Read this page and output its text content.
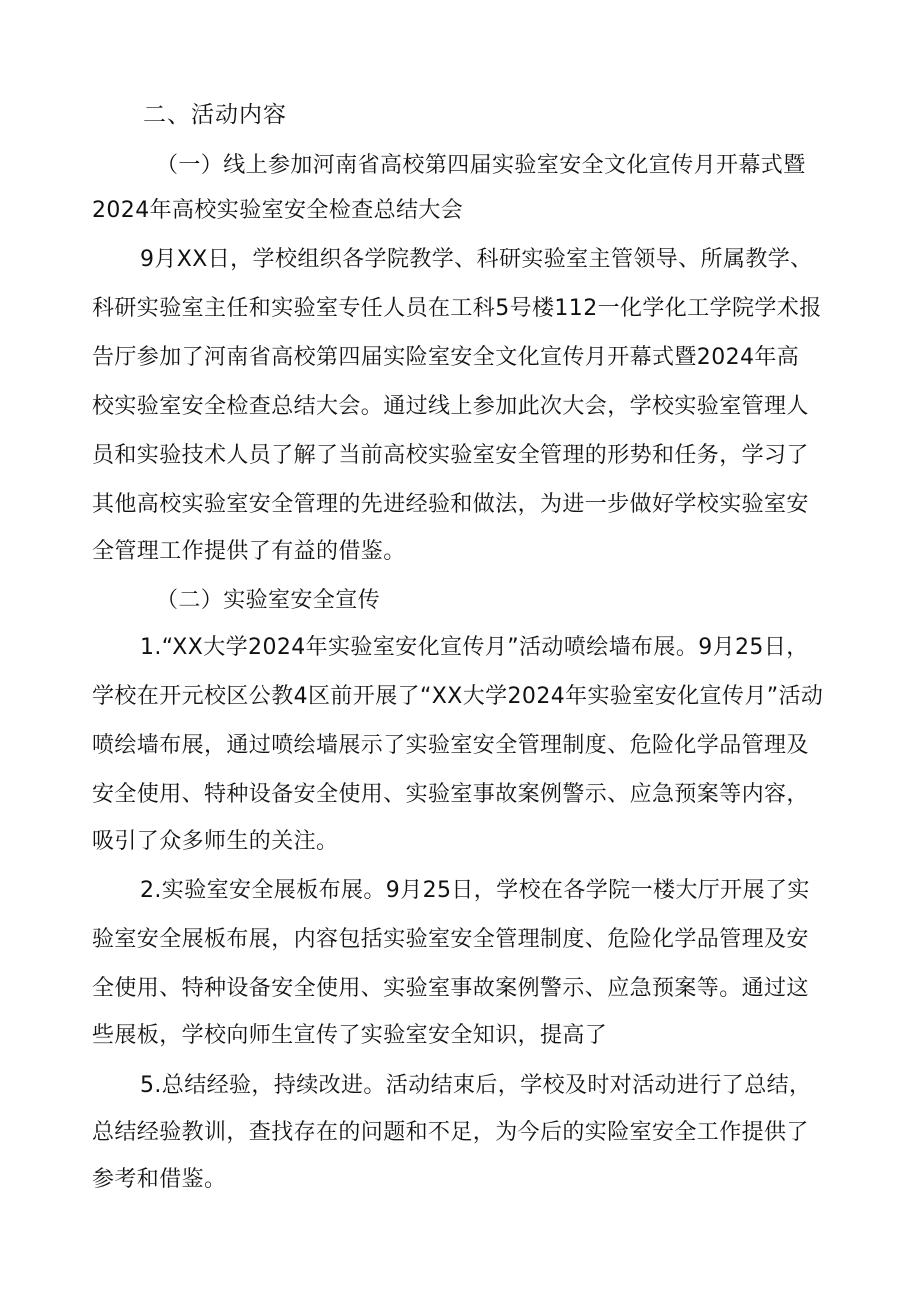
二、活动内容
（一）线上参加河南省高校第四届实验室安全文化宣传月开幕式暨
2024年高校实验室安全检查总结大会
9月XX日，学校组织各学院教学、科研实验室主管领导、所属教学、
科研实验室主任和实验室专任人员在工科5号楼112一化学化工学院学术报
告厅参加了河南省高校第四届实险室安全文化宣传月开幕式暨2024年高
校实验室安全检查总结大会。通过线上参加此次大会，学校实验室管理人
员和实验技术人员了解了当前高校实验室安全管理的形势和任务，学习了
其他高校实验室安全管理的先进经验和做法，为进一步做好学校实验室安
全管理工作提供了有益的借鉴。
（二）实验室安全宣传
1.“XX大学2024年实验室安化宣传月”活动喷绘墙布展。9月25日，
学校在开元校区公教4区前开展了“XX大学2024年实验室安化宣传月”活动
喷绘墙布展，通过喷绘墙展示了实验室安全管理制度、危险化学品管理及
安全使用、特种设备安全使用、实验室事故案例警示、应急预案等内容，
吸引了众多师生的关注。
2.实验室安全展板布展。9月25日，学校在各学院一楼大厅开展了实
验室安全展板布展，内容包括实验室安全管理制度、危险化学品管理及安
全使用、特种设备安全使用、实验室事故案例警示、应急预案等。通过这
些展板，学校向师生宣传了实验室安全知识，提高了
5.总结经验，持续改进。活动结束后，学校及时对活动进行了总结，
总结经验教训，查找存在的问题和不足，为今后的实险室安全工作提供了
参考和借鉴。
